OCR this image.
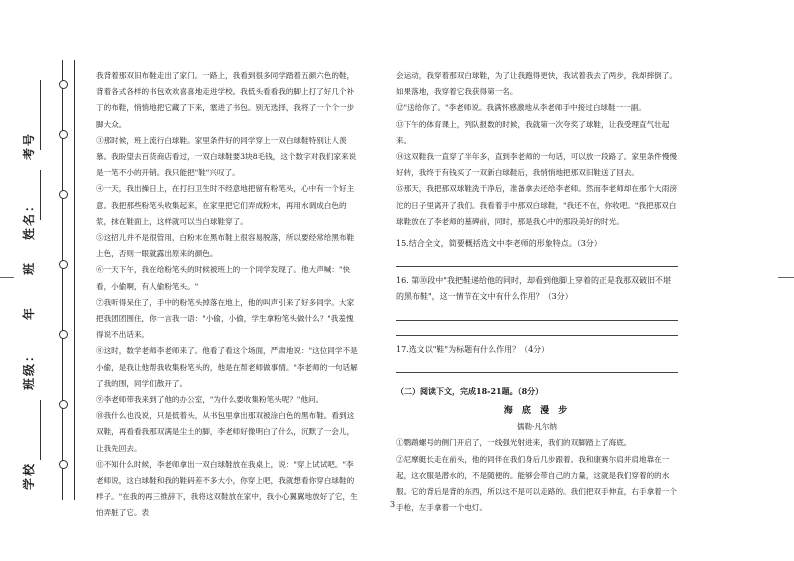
学校
班级：
年
班
姓名：
考号

我背着那双旧布鞋走出了家门。一路上，我看到很多同学踏着五颜六色的鞋，背着各式各样的书包欢欢喜喜地走进学校。我低头看看我的脚上打了好几个补丁的布鞋，悄悄地把它藏了下来，塞进了书包。别无选择，我将了一个个一步脚大众。

③那时候，班上流行白球鞋。家里条件好的同学穿上一双白球鞋特别让人羡慕。我盼望去百货商店看过，一双白球鞋要3块8毛钱，这个数字对我们家来说是一笔不小的开销。我只能把"鞋"兴叹了。

④一天，我出操日上，在打扫卫生时不经意地把留有粉笔头，心中有一个好主意。我把那些粉笔头收集起来，在家里把它们弄成粉末，再用水调成白色的浆，抹在鞋面上，这样就可以当白球鞋穿了。

⑤这招儿并不是很管用，白粉末在黑布鞋上很容易脱落，所以要经常给黑布鞋上色，否则一眼就露出原来的颜色。

⑥一天下午，我在给粉笔头的时候被班上的一个同学发现了。他大声喊："快看，小偷啊，有人偷粉笔头。"

⑦我听得呆住了，手中的粉笔头掉落在地上，他的叫声引来了好多同学。大家把我团团围住，你一言我一语："小偷，小偷，学生拿粉笔头做什么？"我羞愧得说不出话来。

⑧这时，数学老师李老师来了。他看了看这个场面，严肃地说："这位同学不是小偷，是我让他帮我收集粉笔头的，他是在帮老师做事情。"李老师的一句话解了我的围，同学们散开了。

⑨李老师带我来到了他的办公室，"为什么要收集粉笔头呢？"他问。

⑩我什么也没说，只是低着头，从书包里拿出那双被涂白色的黑布鞋。看到这双鞋，再看看我那双满是尘土的脚，李老师好像明白了什么，沉默了一会儿，让我先回去。

⑪不知什么时候，李老师拿出一双白球鞋放在我桌上，说："穿上试试吧。"李老师说，这白球鞋和我的鞋码差不多大小，你穿上吧，我就想看你穿白球鞋的样子。"在我的再三推辞下，我将这双鞋放在家中，我小心翼翼地放好了它，生怕弄脏了它。表

会运动，我穿着那双白球鞋，为了让我跑得更快，我试着我去了两步，我却摔倒了。如果落地，我穿着它我获得第一名。

⑫"送给你了。"李老师说。我满怀感激地从李老师手中接过白球鞋一一副。

⑬下午的体育课上，列队报数的时候，我就第一次夸奖了球鞋，让我受理直气壮起来。

⑭这双鞋我一直穿了半年多，直到李老师的一句话，可以放一段路了。家里条件慢慢好转，我终于有钱买了一双新白球鞋后，我悄悄地把那双旧鞋送了回去。

⑮那天，我把那双球鞋洗干净后，准备拿去还给李老师。然而李老师却在那个大雨滂沱的日子里离开了我们。我看着手中那双白球鞋，"我还不在，你收吧。"我把那双白球鞋放在了李老师的墓碑前，同时，那是我心中的那段美好的时光。

15.结合全文，简要概括选文中李老师的形象特点。（3分）

16. 第⑩段中"我把鞋递给他的同时，却看到他脚上穿着的正是我那双破旧不堪的黑布鞋"，这一情节在文中有什么作用？（3分）

17.选文以"鞋"为标题有什么作用？（4分）

（二）阅读下文，完成18-21题。（8分）

海 底 漫 步

儒勒·凡尔纳

①鹦鹉螺号的侧门开启了，一线强光射进来，我们的双脚踏上了海底。

②尼摩艇长走在前头，他的同伴在我们身后几步跟着。我和康赛尔肩并肩地靠在一起，这衣服是潜水的，不是随便的。能够会带自己的力量，这就是我们穿着的的水服。它的背后是背的东西，所以这不是可以走路的。我们把双手伸直，右手拿着一个手枪，左手拿着一个电灯。

3
